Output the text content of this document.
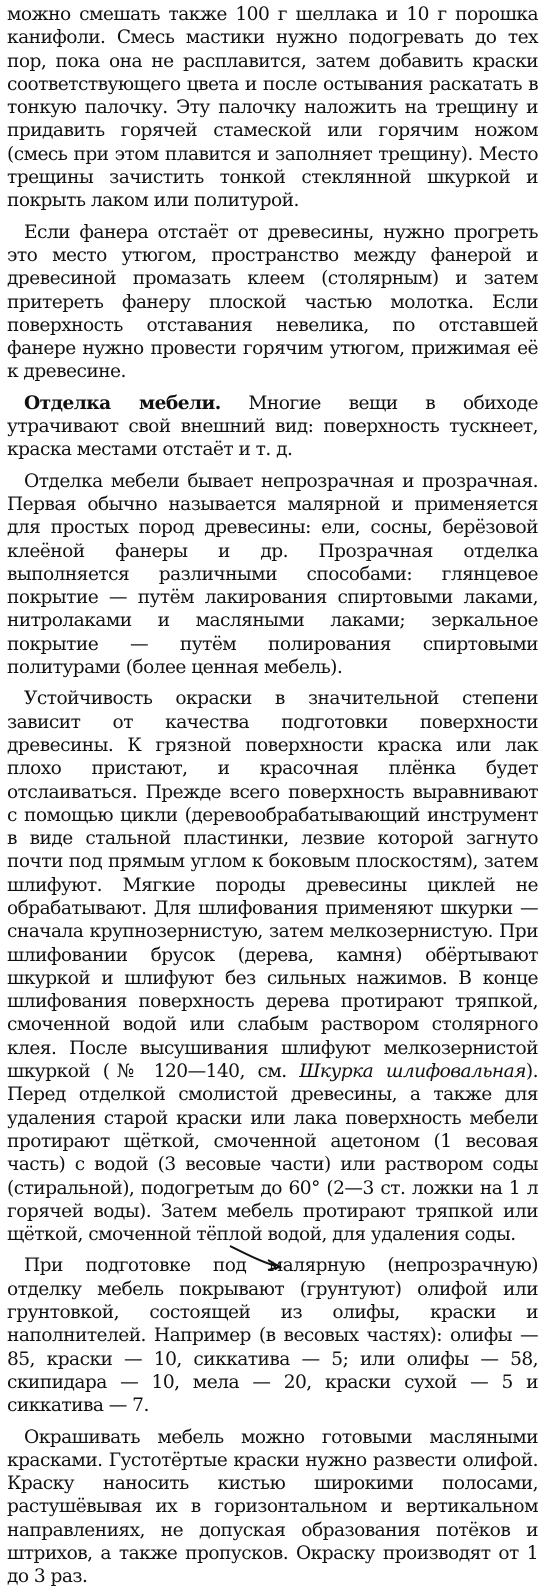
можно смешать также 100 г шеллака и 10 г порошка канифоли. Смесь мастики нужно подогревать до тех пор, пока она не расплавится, затем добавить краски соответствующего цвета и после остывания раскатать в тонкую палочку. Эту палочку наложить на трещину и придавить горячей стамеской или горячим ножом (смесь при этом плавится и заполняет трещину). Место трещины зачистить тонкой стеклянной шкуркой и покрыть лаком или политурой.

Если фанера отстаёт от древесины, нужно прогреть это место утюгом, пространство между фанерой и древесиной промазать клеем (столярным) и затем притереть фанеру плоской частью молотка. Если поверхность отставания невелика, по отставшей фанере нужно провести горячим утюгом, прижимая её к древесине.

Отделка мебели. Многие вещи в обиходе утрачивают свой внешний вид: поверхность тускнеет, краска местами отстаёт и т. д.

Отделка мебели бывает непрозрачная и прозрачная. Первая обычно называется малярной и применяется для простых пород древесины: ели, сосны, берёзовой клеёной фанеры и др. Прозрачная отделка выполняется различными способами: глянцевое покрытие — путём лакирования спиртовыми лаками, нитролаками и масляными лаками; зеркальное покрытие — путём полирования спиртовыми политурами (более ценная мебель).

Устойчивость окраски в значительной степени зависит от качества подготовки поверхности древесины. К грязной поверхности краска или лак плохо пристают, и красочная плёнка будет отслаиваться. Прежде всего поверхность выравнивают с помощью цикли (деревообрабатывающий инструмент в виде стальной пластинки, лезвие которой загнуто почти под прямым углом к боковым плоскостям), затем шлифуют. Мягкие породы древесины циклей не обрабатывают. Для шлифования применяют шкурки — сначала крупнозернистую, затем мелкозернистую. При шлифовании брусок (дерева, камня) обёртывают шкуркой и шлифуют без сильных нажимов. В конце шлифования поверхность дерева протирают тряпкой, смоченной водой или слабым раствором столярного клея. После высушивания шлифуют мелкозернистой шкуркой (№ 120—140, см. Шкурка шлифовальная). Перед отделкой смолистой древесины, а также для удаления старой краски или лака поверхность мебели протирают щёткой, смоченной ацетоном (1 весовая часть) с водой (3 весовые части) или раствором соды (стиральной), подогретым до 60° (2—3 ст. ложки на 1 л горячей воды). Затем мебель протирают тряпкой или щёткой, смоченной тёплой водой, для удаления соды.

При подготовке под малярную (непрозрачную) отделку мебель покрывают (грунтуют) олифой или грунтовкой, состоящей из олифы, краски и наполнителей. Например (в весовых частях): олифы — 85, краски — 10, сиккатива — 5; или олифы — 58, скипидара — 10, мела — 20, краски сухой — 5 и сиккатива — 7.

Окрашивать мебель можно готовыми масляными красками. Густотёртые краски нужно развести олифой. Краску наносить кистью широкими полосами, растушёвывая их в горизонтальном и вертикальном направлениях, не допуская образования потёков и штрихов, а также пропусков. Окраску производят от 1 до 3 раз.
